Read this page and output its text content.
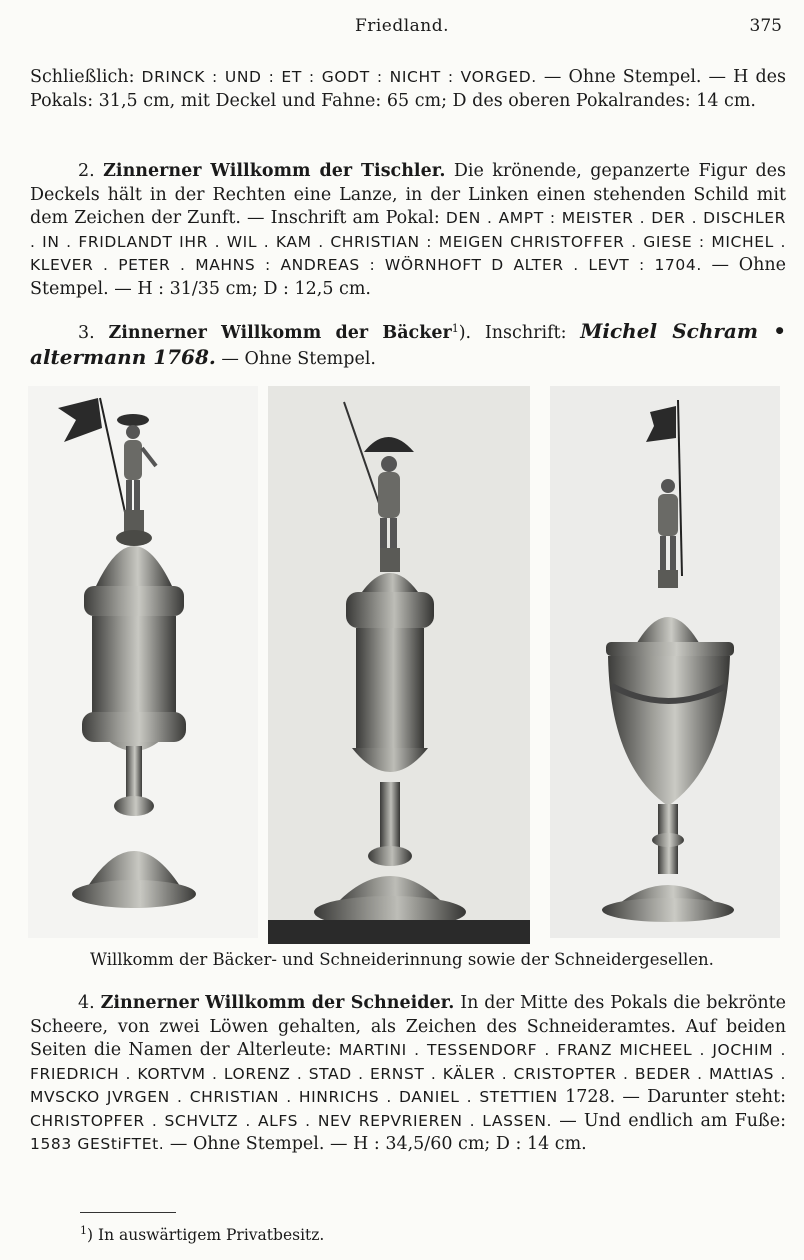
Friedland.	375

Schließlich: DRINCK : UND : ET : GODT : NICHT : VORGED. — Ohne Stempel. — H des Pokals: 31,5 cm, mit Deckel und Fahne: 65 cm; D des oberen Pokalrandes: 14 cm.

2. Zinnerner Willkomm der Tischler. Die krönende, gepanzerte Figur des Deckels hält in der Rechten eine Lanze, in der Linken einen stehenden Schild mit dem Zeichen der Zunft. — Inschrift am Pokal: DEN . AMPT : MEISTER . DER . DISCHLER . IN . FRIDLANDT IHR . WIL . KAM . CHRISTIAN : MEIGEN CHRISTOFFER . GIESE : MICHEL . KLEVER . PETER . MAHNS : ANDREAS : WÖRNHOFT D ALTER . LEVT : 1704. — Ohne Stempel. — H : 31/35 cm; D : 12,5 cm.

3. Zinnerner Willkomm der Bäcker$^1$). Inschrift: Michel Schram • altermann 1768. — Ohne Stempel.

Willkomm der Bäcker- und Schneiderinnung sowie der Schneidergesellen.

4. Zinnerner Willkomm der Schneider. In der Mitte des Pokals die bekrönte Scheere, von zwei Löwen gehalten, als Zeichen des Schneideramtes. Auf beiden Seiten die Namen der Alterleute: MARTINI . TESSENDORF . FRANZ MICHEEL . JOCHIM . FRIEDRICH . KORTVM . LORENZ . STAD . ERNST . KÄLER . CRISTOPTER . BEDER . MAttIAS . MVSCKO JVRGEN . CHRISTIAN . HINRICHS . DANIEL . STETTIEN 1728. — Darunter steht: CHRISTOPFER . SCHVLTZ . ALFS . NEV REPVRIEREN . LASSEN. — Und endlich am Fuße: 1583 GEStiFTEt. — Ohne Stempel. — H : 34,5/60 cm; D : 14 cm.

$^1$) In auswärtigem Privatbesitz.
